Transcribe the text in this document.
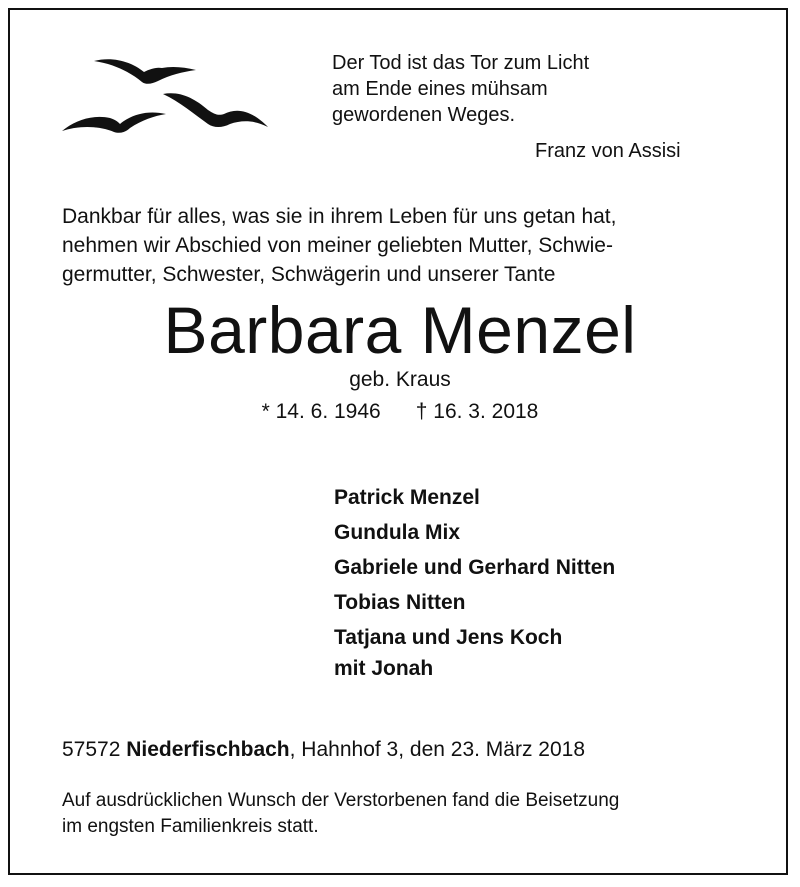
Der Tod ist das Tor zum Licht
am Ende eines mühsam
gewordenen Weges.
Franz von Assisi
Dankbar für alles, was sie in ihrem Leben für uns getan hat,
nehmen wir Abschied von meiner geliebten Mutter, Schwie-
germutter, Schwester, Schwägerin und unserer Tante
Barbara Menzel
geb. Kraus
* 14. 6. 1946 † 16. 3. 2018
Patrick Menzel
Gundula Mix
Gabriele und Gerhard Nitten
Tobias Nitten
Tatjana und Jens Koch
mit Jonah
57572 Niederfischbach, Hahnhof 3, den 23. März 2018
Auf ausdrücklichen Wunsch der Verstorbenen fand die Beisetzung
im engsten Familienkreis statt.
